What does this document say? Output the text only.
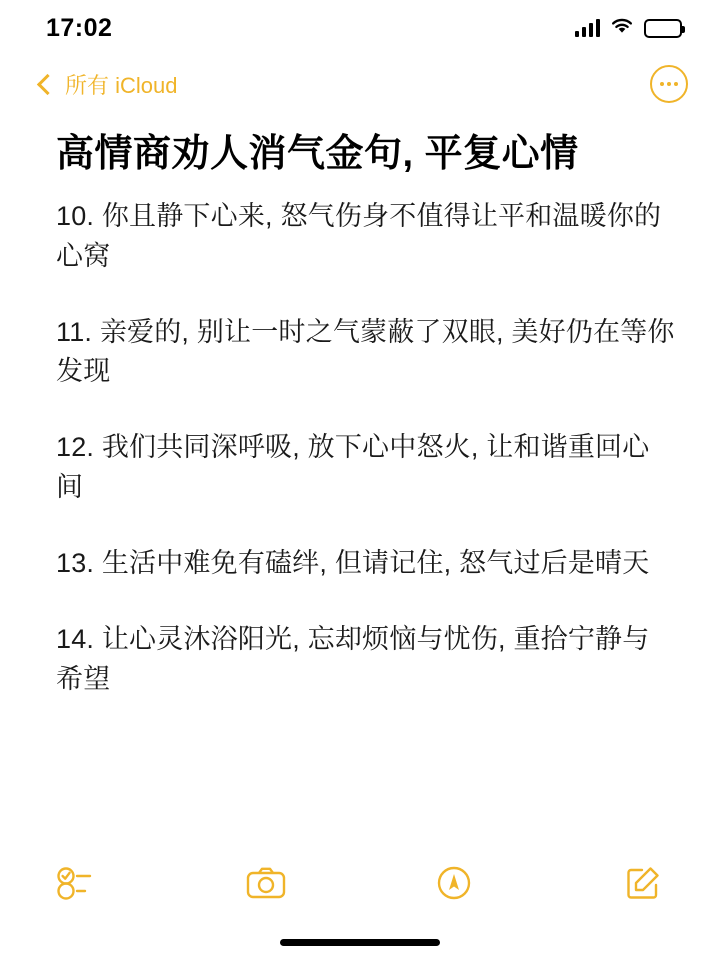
17:02
所有 iCloud
高情商劝人消气金句, 平复心情

10. 你且静下心来, 怒气伤身不值得让平和温暖你的心窝

11. 亲爱的, 别让一时之气蒙蔽了双眼, 美好仍在等你发现

12. 我们共同深呼吸, 放下心中怒火, 让和谐重回心间

13. 生活中难免有磕绊, 但请记住, 怒气过后是晴天

14. 让心灵沐浴阳光, 忘却烦恼与忧伤, 重拾宁静与希望
